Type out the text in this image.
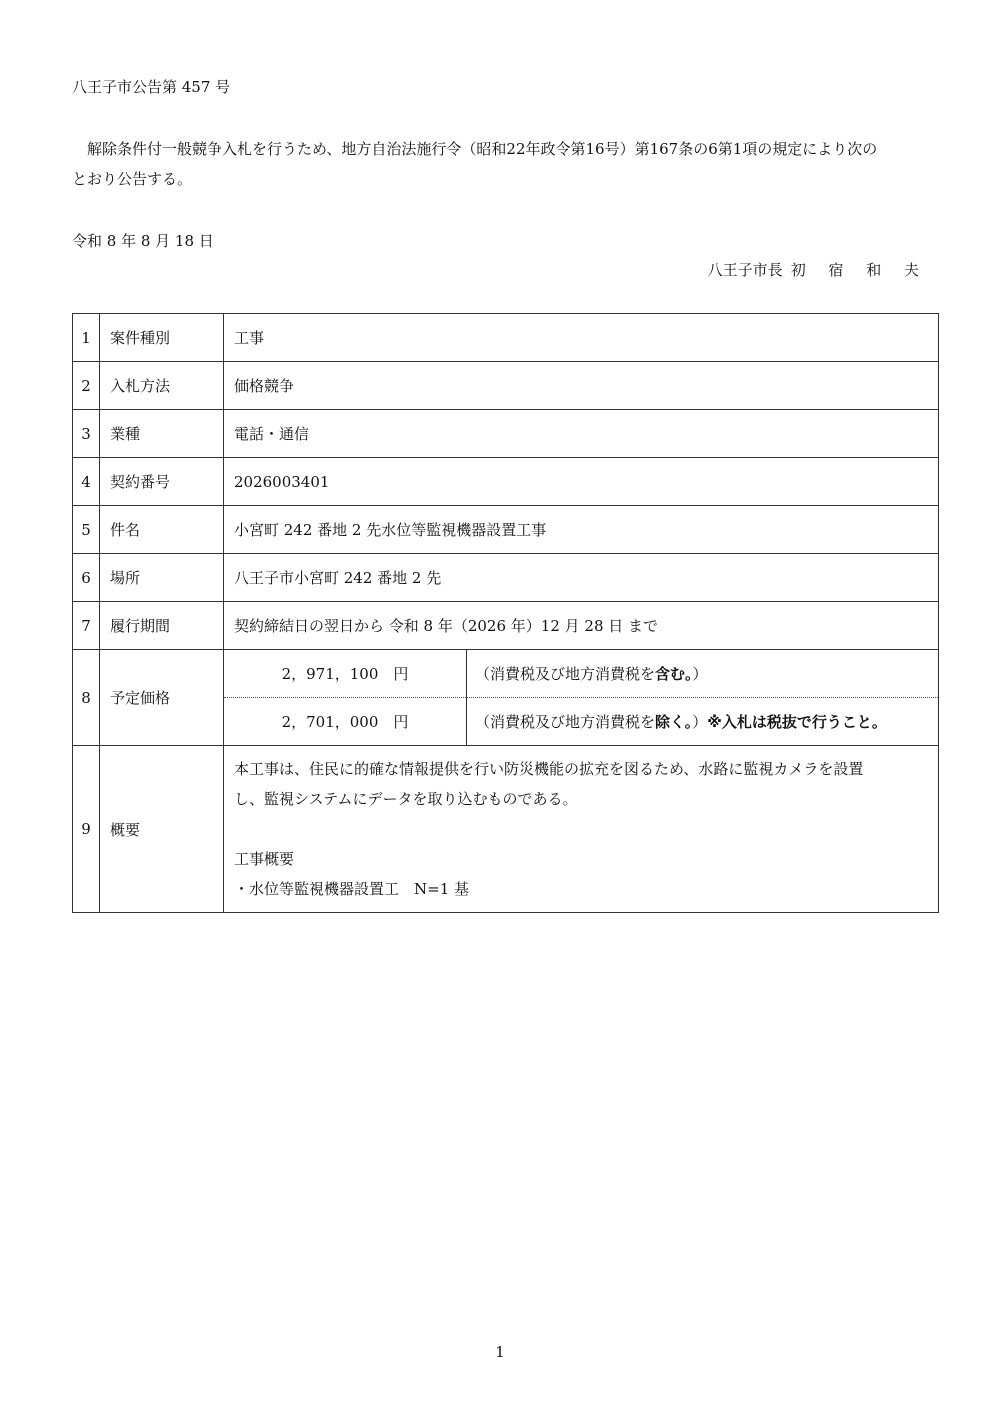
八王子市公告第 457 号
　解除条件付一般競争入札を行うため、地方自治法施行令（昭和22年政令第16号）第167条の6第1項の規定により次の
とおり公告する。
令和 8 年 8 月 18 日
八王子市長 初 宿 和 夫
1	案件種別	工事	
2	入札方法	価格競争	
3	業種	電話・通信	
4	契約番号	2026003401	
5	件名	小宮町 242 番地 2 先水位等監視機器設置工事	
6	場所	八王子市小宮町 242 番地 2 先	
7	履行期間	契約締結日の翌日から 令和 8 年（2026 年）12 月 28 日 まで	
8	予定価格	2，971，100　円	（消費税及び地方消費税を含む。）
		2，701，000　円	（消費税及び地方消費税を除く。）※入札は税抜で行うこと。
9	概要	本工事は、住民に的確な情報提供を行い防災機能の拡充を図るため、水路に監視カメラを設置
し、監視システムにデータを取り込むものである。
工事概要
・水位等監視機器設置工　N=1 基	
1
